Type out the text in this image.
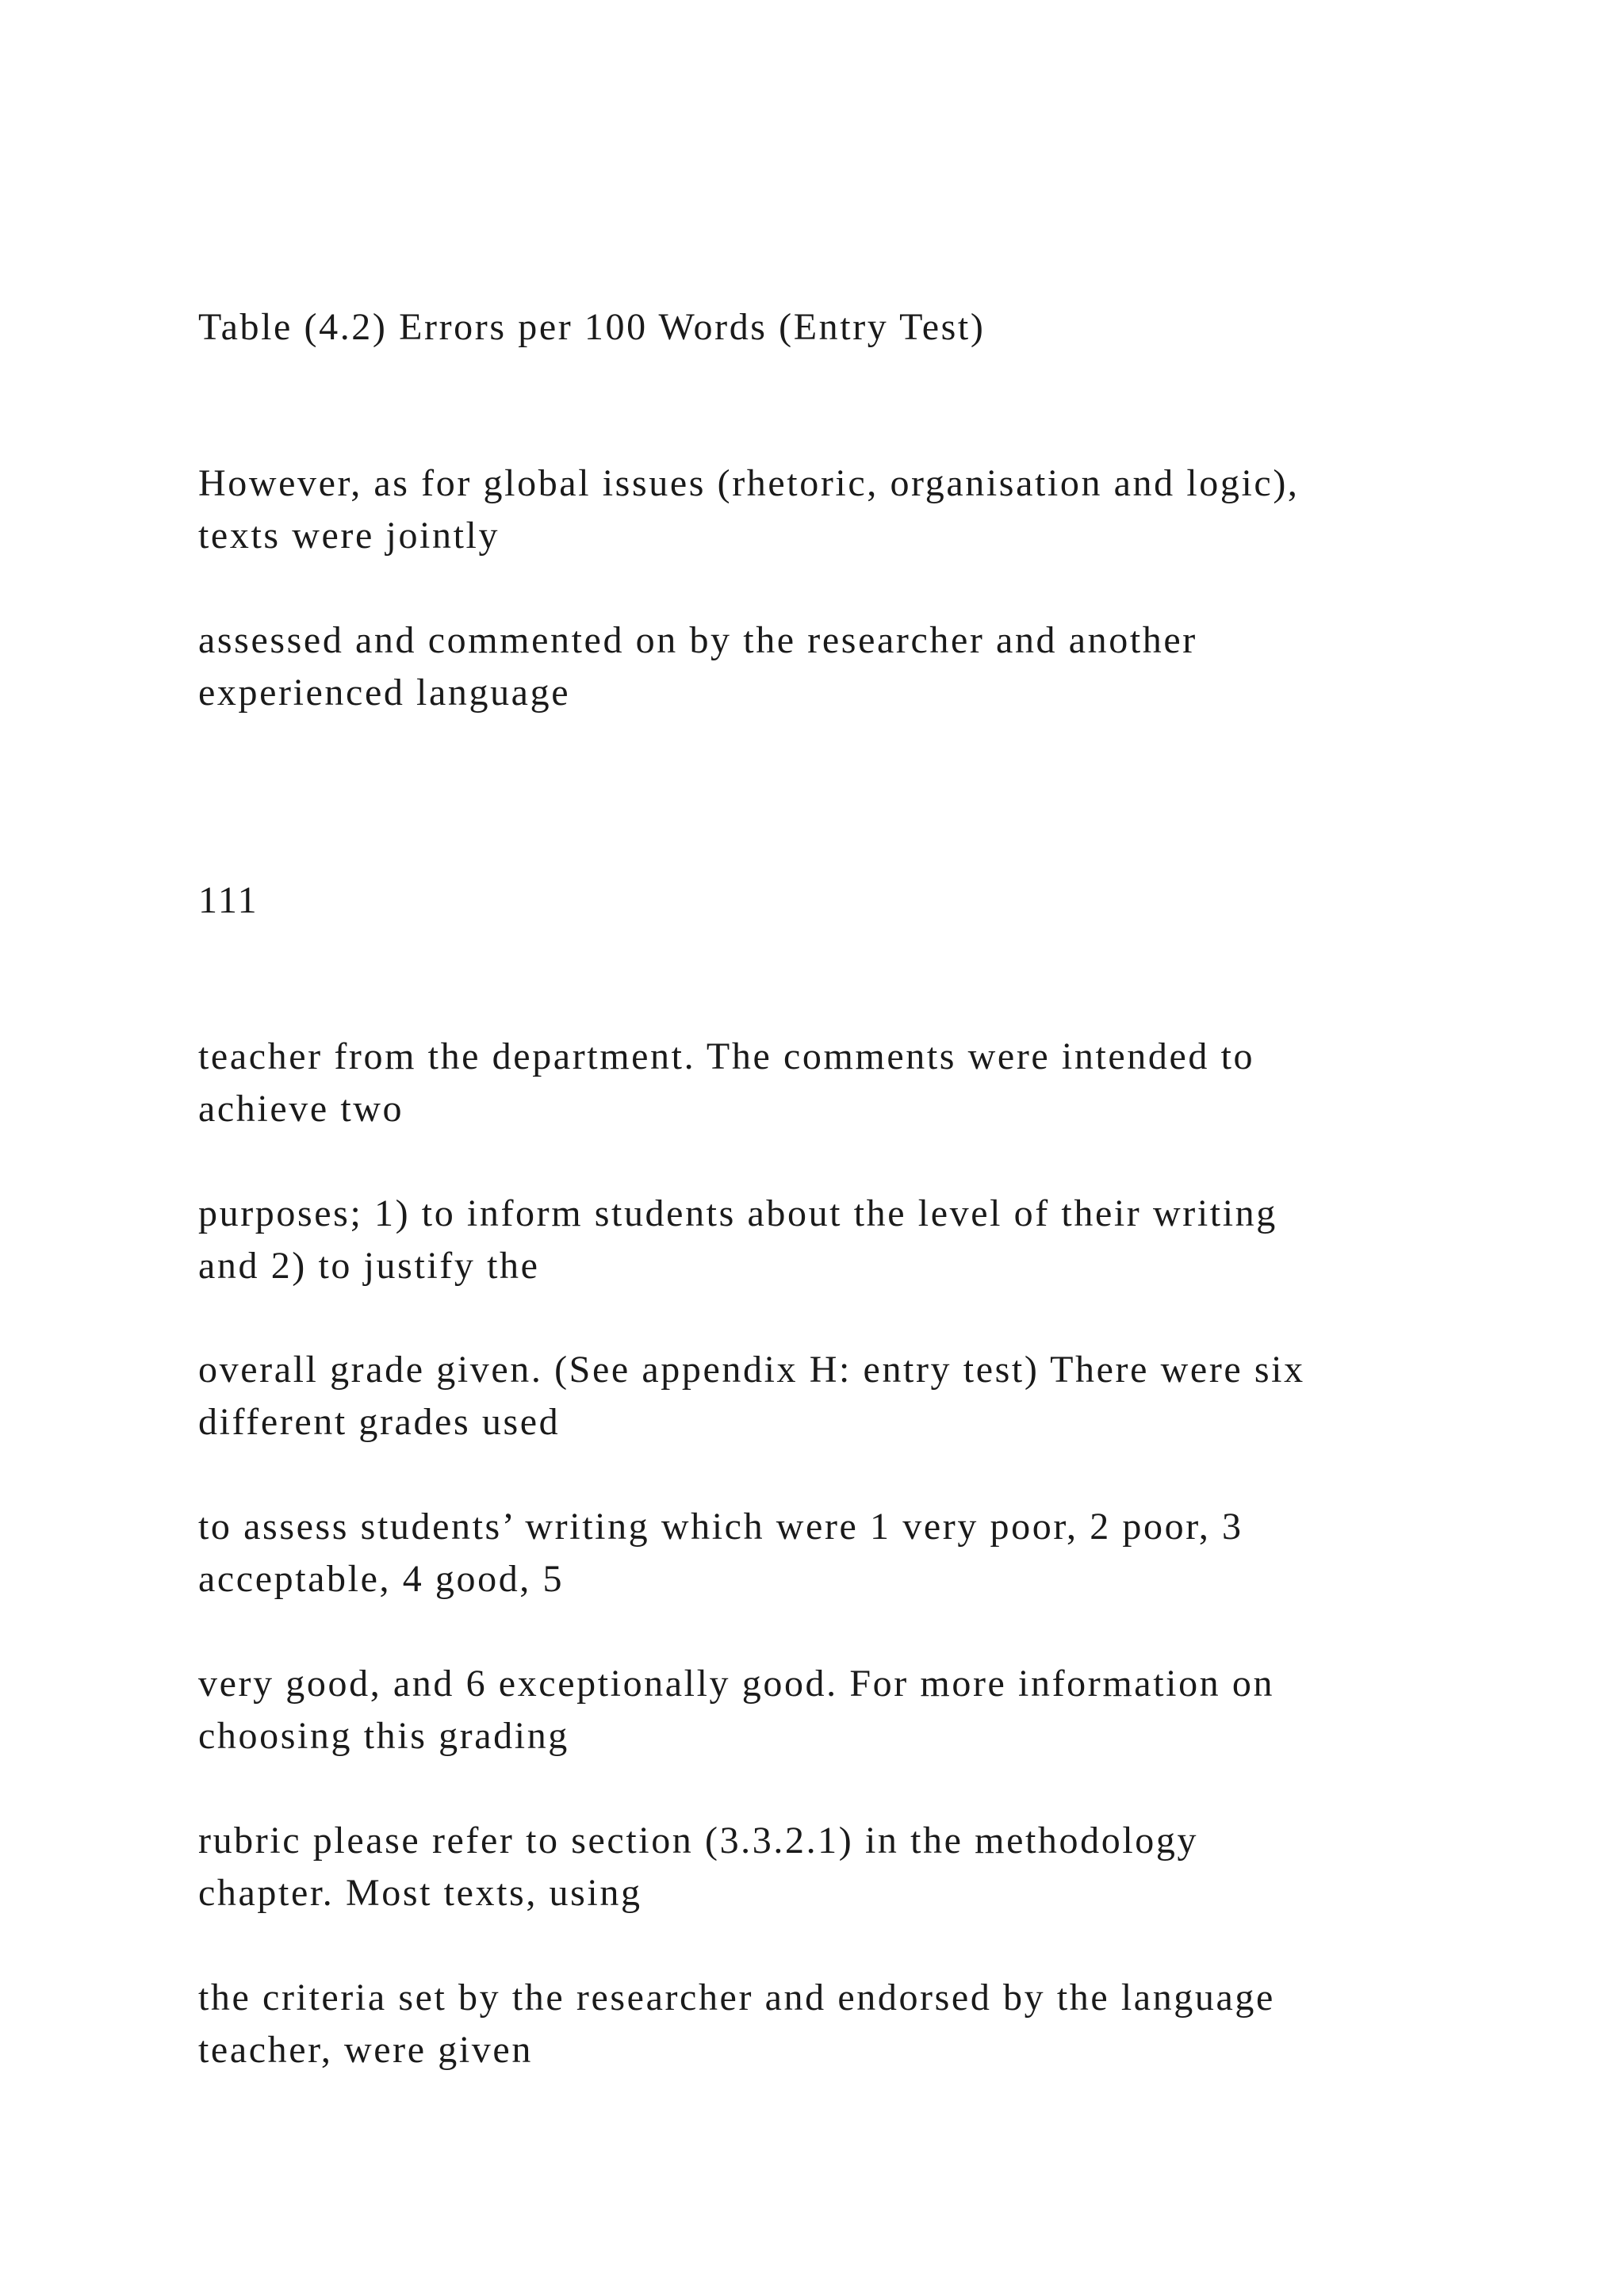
Table (4.2) Errors per 100 Words (Entry Test)

However, as for global issues (rhetoric, organisation and logic),

texts were jointly

assessed and commented on by the researcher and another

experienced language

111

teacher from the department. The comments were intended to

achieve two

purposes; 1) to inform students about the level of their writing

and 2) to justify the

overall grade given. (See appendix H: entry test) There were six

different grades used

to assess students’ writing which were 1 very poor, 2 poor, 3

acceptable, 4 good, 5

very good, and 6 exceptionally good. For more information on

choosing this grading

rubric please refer to section (3.3.2.1) in the methodology

chapter. Most texts, using

the criteria set by the researcher and endorsed by the language

teacher, were given
